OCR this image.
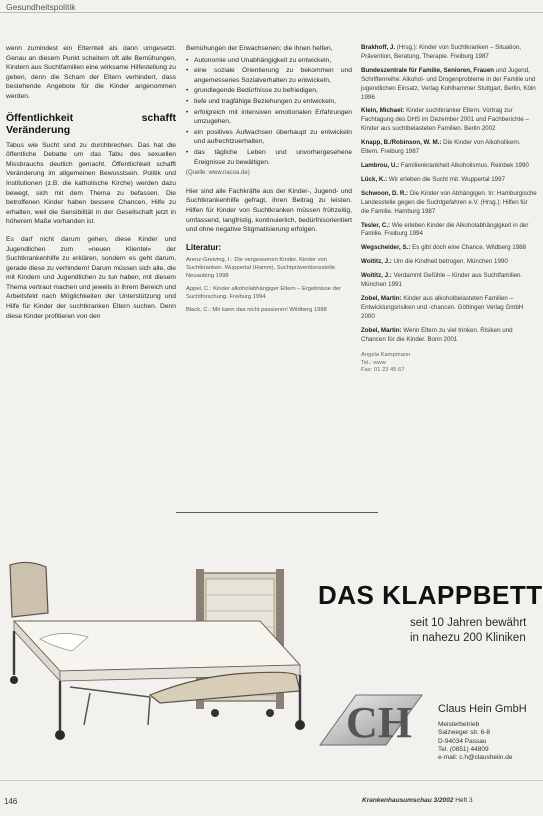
Gesundheitspolitik

wenn zumindest ein Elternteil als dann umgesetzt. Genau an diesem Punkt scheitern oft alle Bemühungen, Kindern aus Suchtfamilien eine wirksame Hilfestellung zu geben, denn die Scham der Eltern verhindert, dass bestehende Angebote für die Kinder angenommen werden.

Öffentlichkeit schafft Veränderung

Tabus wie Sucht sind zu durchbrechen. Das hat die öffentliche Debatte um das Tabu des sexuellen Missbrauchs deutlich gemacht. Öffentlichkeit schafft Veränderung im allgemeinen Bewusstsein. Politik und Institutionen (z.B. die katholische Kirche) werden dazu bewegt, sich mit dem Thema zu befassen. Die betroffenen Kinder haben bessere Chancen, Hilfe zu erhalten, weil die Sensibilität in der Gesellschaft jetzt in höherem Maße vorhanden ist.

Es darf nicht darum gehen, diese Kinder und Jugendlichen zum »neuen Klientel« der Suchtkrankenhilfe zu erklären, sondern es geht darum, gerade diese zu verhindern! Darum müssen sich alle, die mit Kindern und Jugendlichen zu tun haben, mit diesem Thema vertraut machen und jeweils in ihrem Bereich und Arbeitsfeld nach Möglichkeiten der Unterstützung und Hilfe für Kinder der suchtkranken Eltern suchen. Denn diese Kinder profitieren von den

Bemühungen der Erwachsenen; die ihnen helfen,

• Autonomie und Unabhängigkeit zu entwickeln,
• eine soziale Orientierung zu bekommen und angemessenes Sozialverhalten zu entwickeln,
• grundlegende Bedürfnisse zu befriedigen,
• tiefe und tragfähige Beziehungen zu entwickeln,
• erfolgreich mit intensiven emotionalen Erfahrungen umzugehen,
• ein positives Aufwachsen überhaupt zu entwickeln und aufrechtzuerhalten,
• das tägliche Leben und unvorhergesehene Ereignisse zu bewältigen.
(Quelle: www.nacoa.de)

Hier sind alle Fachkräfte aus der Kinder-, Jugend- und Suchtkrankenhilfe gefragt, ihren Beitrag zu leisten. Hilfen für Kinder von Suchtkranken müssen frühzeitig, umfassend, langfristig, kontinuierlich, bedürfnisorientiert und ohne negative Stigmatisierung erfolgen.

Literatur:
Arenz-Greiving, I.: Die vergessenen Kinder. Kinder von Suchtkranken. Wuppertal (Hamm), Suchtpräventionsstelle Neuaubing 1998
Appel, C.: Kinder alkoholabhängiger Eltern – Ergebnisse der Suchtforschung. Freiburg 1994
Black, C.: Mir kann das nicht passieren! Wildberg 1988
Brakhoff, J. (Hrsg.): Kinder von Suchtkranken – Situation, Prävention, Beratung, Therapie. Freiburg 1987
Bundeszentrale für Familie, Senioren, Frauen und Jugend, Schriftenreihe: Alkohol- und Drogenprobleme in der Familie und jugendlichen Einsatz, Verlag Kohlhammer Stuttgart, Berlin, Köln 1996
Klein, Michael: Kinder suchtkranker Eltern. Vortrag zur Fachtagung des DHS im Dezember 2001 und Fachberichte – Kinder aus suchtbelasteten Familien. Berlin 2002
Knapp, B./Robinson, W. M.: Die Kinder von Alkoholikern. Eltern. Freiburg 1987
Lambrou, U.: Familienkrankheit Alkoholismus. Reinbek 1990
Lück, K.: Wir erleben die Sucht mit. Wuppertal 1997
Schwoon, D. R.: Die Kinder von Abhängigen. In: Hamburgische Landesstelle gegen die Suchtgefahren e.V. (Hrsg.): Hilfen für die Familie. Hamburg 1987
Tesler, C.: Wie erleben Kinder die Alkoholabhängigkeit in der Familie. Freiburg 1994
Wegscheider, S.: Es gibt doch eine Chance. Wildberg 1988
Woititz, J.: Um die Kindheit betrogen. München 1990
Woititz, J.: Verdammt Gefühle – Kinder aus Suchtfamilien. München 1991
Zobel, Martin: Kinder aus alkoholbelasteten Familien – Entwicklungsrisiken und -chancen. Göttingen Verlag GmbH 2000
Zobel, Martin: Wenn Eltern zu viel trinken. Risiken und Chancen für die Kinder. Bonn 2001
Angela Kampmann
Tel.: www
Fax: 01 23 45 67
DAS KLAPPBETT
seit 10 Jahren bewährt
in nahezu 200 Kliniken
CH Claus Hein GmbH
Meisterbetrieb
Saizweger str. 6-8
D-94034 Passau
Tel. (0851) 44809
e-mail: c.h@clausheiin.de
146	Krankenhausumschau 3/2002 Heft 3
